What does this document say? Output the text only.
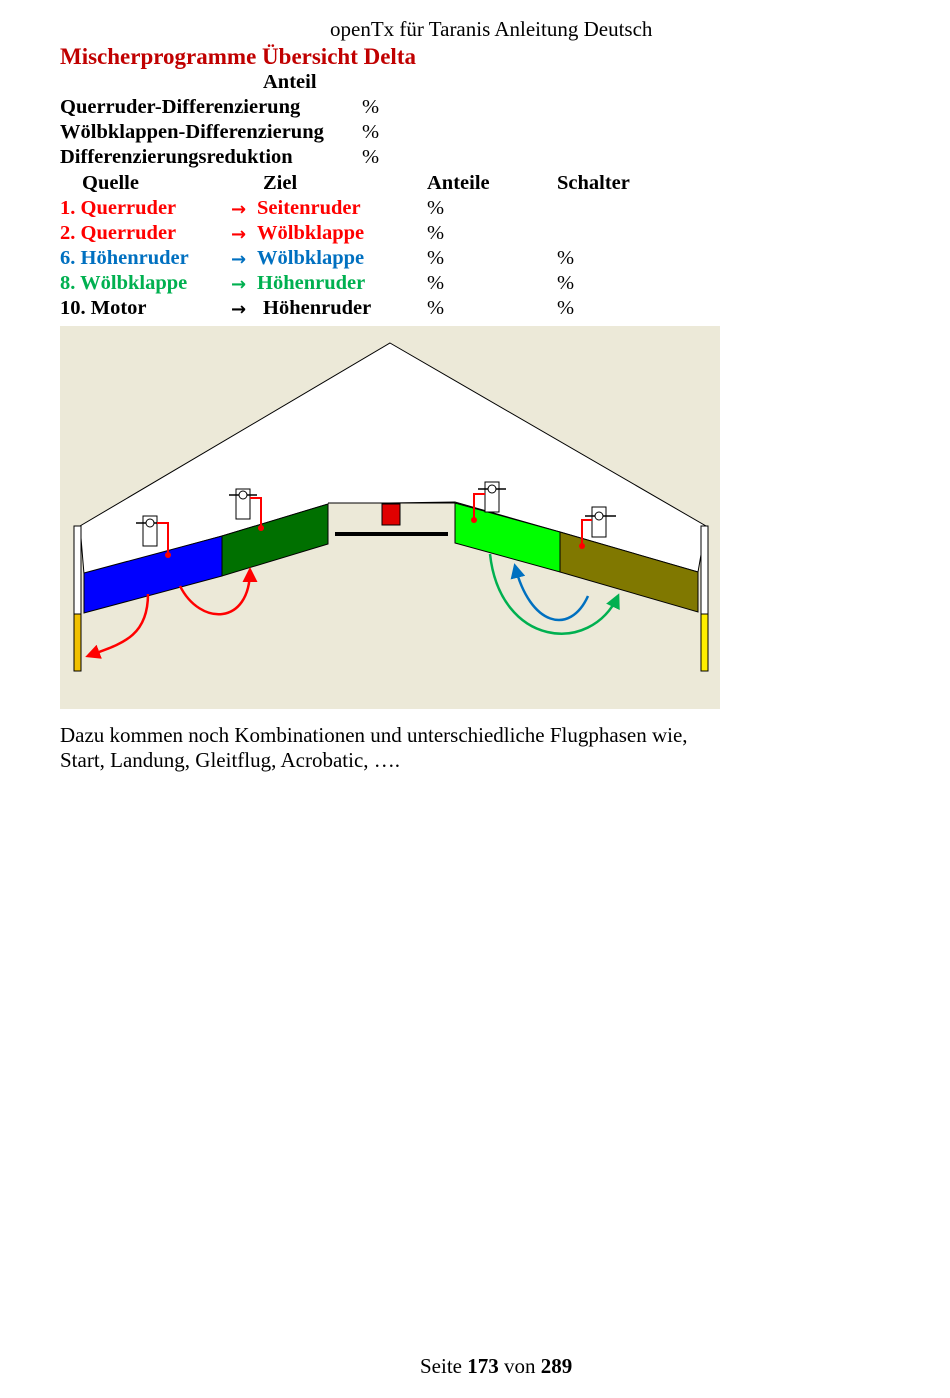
openTx für Taranis Anleitung Deutsch
Mischerprogramme Übersicht Delta
Anteil
Querruder-Differenzierung	%
Wölbklappen-Differenzierung %
Differenzierungsreduktion	%
Quelle	Ziel	Anteile	Schalter
1. Querruder	→ Seitenruder	%
2. Querruder	→ Wölbklappe	%
6. Höhenruder → Wölbklappe	%	%
8. Wölbklappe → Höhenruder	%	%
10. Motor	→ Höhenruder	%	%
Dazu kommen noch Kombinationen und unterschiedliche Flugphasen wie,
Start, Landung, Gleitflug, Acrobatic, ….
Seite 173 von 289
